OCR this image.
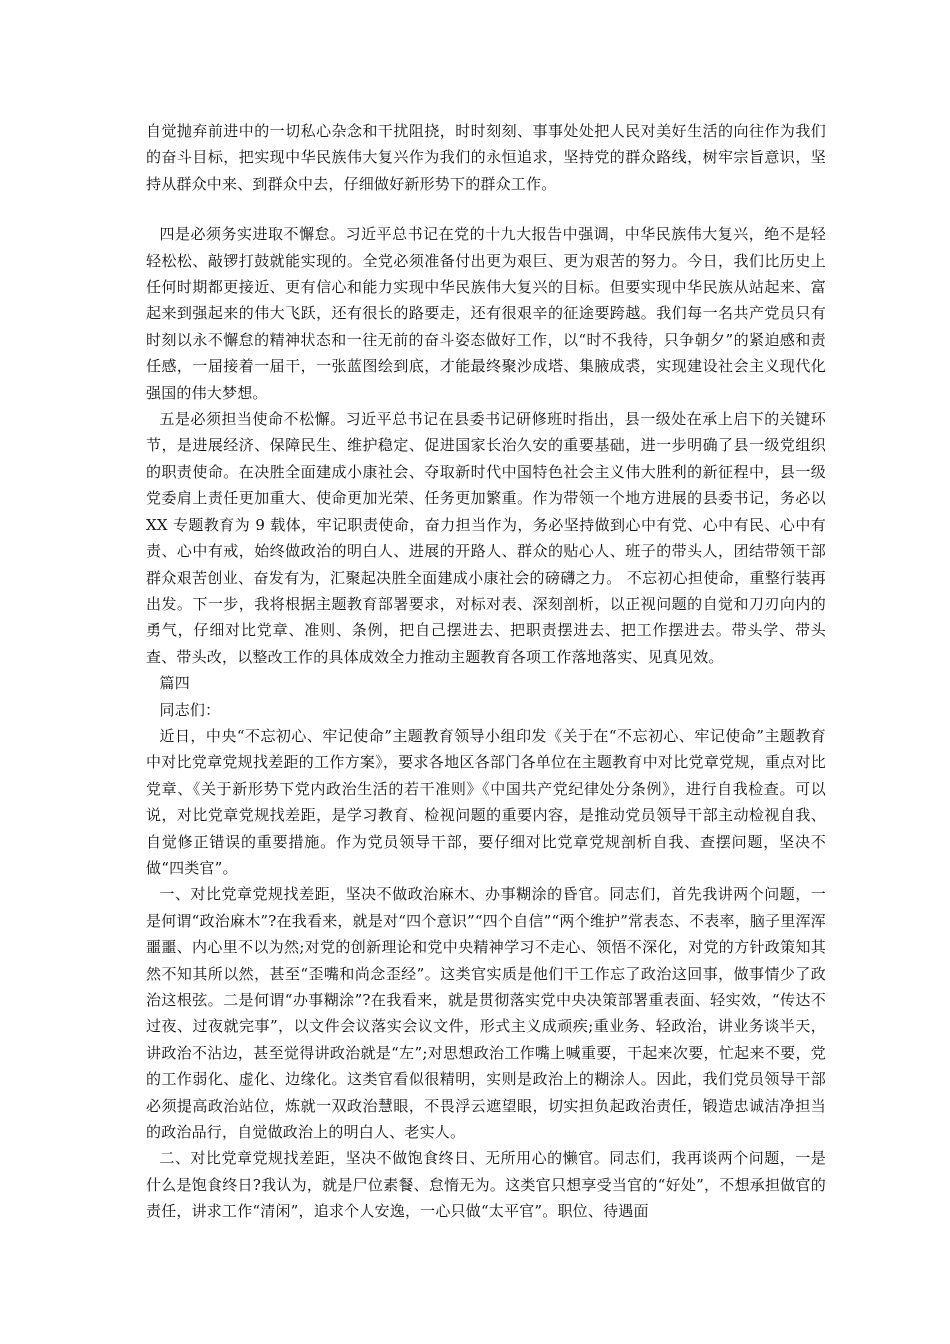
自觉抛弃前进中的一切私心杂念和干扰阻挠，时时刻刻、事事处处把人民对美好生活的向往作为我们的奋斗目标，把实现中华民族伟大复兴作为我们的永恒追求，坚持党的群众路线，树牢宗旨意识，坚持从群众中来、到群众中去，仔细做好新形势下的群众工作。

四是必须务实进取不懈怠。习近平总书记在党的十九大报告中强调，中华民族伟大复兴，绝不是轻轻松松、敲锣打鼓就能实现的。全党必须准备付出更为艰巨、更为艰苦的努力。今日，我们比历史上任何时期都更接近、更有信心和能力实现中华民族伟大复兴的目标。但要实现中华民族从站起来、富起来到强起来的伟大飞跃，还有很长的路要走，还有很艰辛的征途要跨越。我们每一名共产党员只有时刻以永不懈怠的精神状态和一往无前的奋斗姿态做好工作，以“时不我待，只争朝夕”的紧迫感和责任感，一届接着一届干，一张蓝图绘到底，才能最终聚沙成塔、集腋成裘，实现建设社会主义现代化强国的伟大梦想。

五是必须担当使命不松懈。习近平总书记在县委书记研修班时指出，县一级处在承上启下的关键环节，是进展经济、保障民生、维护稳定、促进国家长治久安的重要基础，进一步明确了县一级党组织的职责使命。在决胜全面建成小康社会、夺取新时代中国特色社会主义伟大胜利的新征程中，县一级党委肩上责任更加重大、使命更加光荣、任务更加繁重。作为带领一个地方进展的县委书记，务必以 XX 专题教育为 9 载体，牢记职责使命，奋力担当作为，务必坚持做到心中有党、心中有民、心中有责、心中有戒，始终做政治的明白人、进展的开路人、群众的贴心人、班子的带头人，团结带领干部群众艰苦创业、奋发有为，汇聚起决胜全面建成小康社会的磅礴之力。 不忘初心担使命，重整行装再出发。下一步，我将根据主题教育部署要求，对标对表、深刻剖析，以正视问题的自觉和刀刃向内的勇气，仔细对比党章、准则、条例，把自己摆进去、把职责摆进去、把工作摆进去。带头学、带头查、带头改，以整改工作的具体成效全力推动主题教育各项工作落地落实、见真见效。

篇四

同志们：

近日，中央“不忘初心、牢记使命”主题教育领导小组印发《关于在“不忘初心、牢记使命”主题教育中对比党章党规找差距的工作方案》，要求各地区各部门各单位在主题教育中对比党章党规，重点对比党章、《关于新形势下党内政治生活的若干准则》《中国共产党纪律处分条例》，进行自我检查。可以说，对比党章党规找差距，是学习教育、检视问题的重要内容，是推动党员领导干部主动检视自我、自觉修正错误的重要措施。作为党员领导干部，要仔细对比党章党规剖析自我、查摆问题，坚决不做“四类官”。

一、对比党章党规找差距，坚决不做政治麻木、办事糊涂的昏官。同志们，首先我讲两个问题，一是何谓“政治麻木”?在我看来，就是对“四个意识”“四个自信”“两个维护”常表态、不表率，脑子里浑浑噩噩、内心里不以为然;对党的创新理论和党中央精神学习不走心、领悟不深化，对党的方针政策知其然不知其所以然，甚至“歪嘴和尚念歪经”。这类官实质是他们干工作忘了政治这回事，做事情少了政治这根弦。二是何谓“办事糊涂”?在我看来，就是贯彻落实党中央决策部署重表面、轻实效，“传达不过夜、过夜就完事”，以文件会议落实会议文件，形式主义成顽疾;重业务、轻政治，讲业务谈半天，讲政治不沾边，甚至觉得讲政治就是“左”;对思想政治工作嘴上喊重要，干起来次要，忙起来不要，党的工作弱化、虚化、边缘化。这类官看似很精明，实则是政治上的糊涂人。因此，我们党员领导干部必须提高政治站位，炼就一双政治慧眼，不畏浮云遮望眼，切实担负起政治责任，锻造忠诚洁净担当的政治品行，自觉做政治上的明白人、老实人。

二、对比党章党规找差距，坚决不做饱食终日、无所用心的懒官。同志们，我再谈两个问题，一是什么是饱食终日?我认为，就是尸位素餐、怠惰无为。这类官只想享受当官的“好处”，不想承担做官的责任，讲求工作“清闲”，追求个人安逸，一心只做“太平官”。职位、待遇面
